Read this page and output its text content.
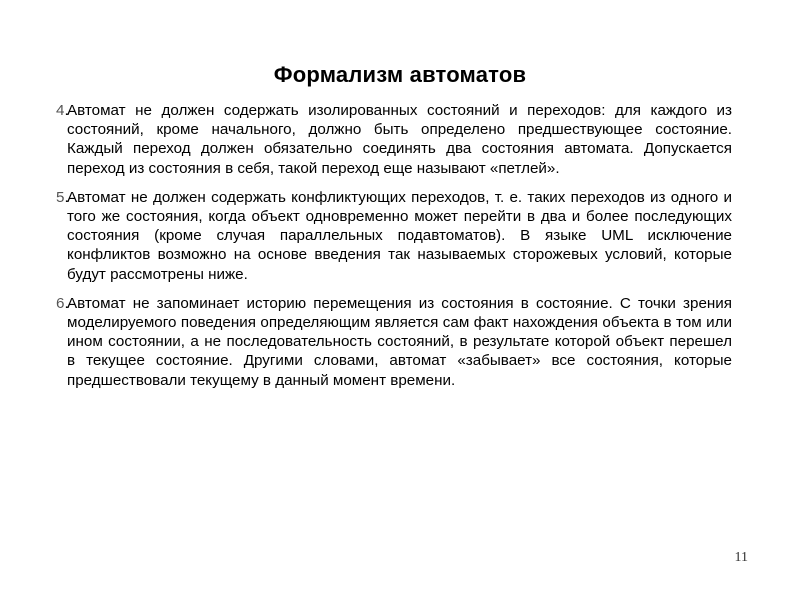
Формализм автоматов
4 . Автомат не должен содержать изолированных состояний и переходов: для каждого из состояний, кроме начального, должно быть определено предшествующее состояние. Каждый переход должен обязательно соединять два состояния автомата. Допускается переход из состояния в себя, такой переход еще называют «петлей».
5 . Автомат не должен содержать конфликтующих переходов, т. е. таких переходов из одного и того же состояния, когда объект одновременно может перейти в два и более последующих состояния (кроме случая параллельных подавтоматов). В языке UML исключение конфликтов возможно на основе введения так называемых сторожевых условий, которые будут рассмотрены ниже.
6 . Автомат не запоминает историю перемещения из состояния в состояние. С точки зрения моделируемого поведения определяющим является сам факт нахождения объекта в том или ином состоянии, а не последовательность состояний, в результате которой объект перешел в текущее состояние. Другими словами, автомат «забывает» все состояния, которые предшествовали текущему в данный момент времени.
11
